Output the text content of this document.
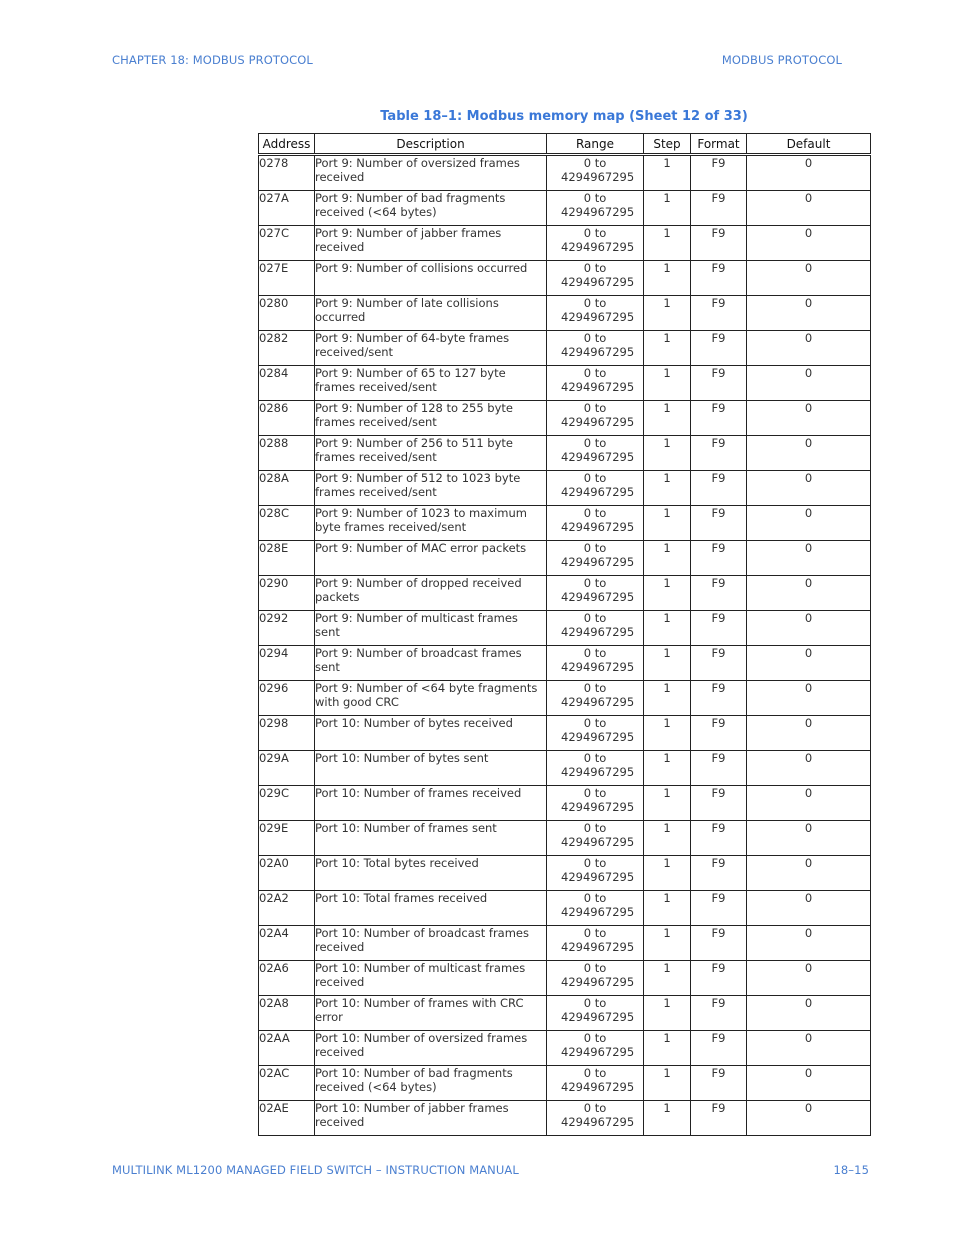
CHAPTER 18: MODBUS PROTOCOL	MODBUS PROTOCOL
Table 18–1: Modbus memory map (Sheet 12 of 33)
Address	Description	Range	Step	Format	Default
0278	Port 9: Number of oversized frames received	0 to 4294967295	1	F9	0
027A	Port 9: Number of bad fragments received (<64 bytes)	0 to 4294967295	1	F9	0
027C	Port 9: Number of jabber frames received	0 to 4294967295	1	F9	0
027E	Port 9: Number of collisions occurred	0 to 4294967295	1	F9	0
0280	Port 9: Number of late collisions occurred	0 to 4294967295	1	F9	0
0282	Port 9: Number of 64-byte frames received/sent	0 to 4294967295	1	F9	0
0284	Port 9: Number of 65 to 127 byte frames received/sent	0 to 4294967295	1	F9	0
0286	Port 9: Number of 128 to 255 byte frames received/sent	0 to 4294967295	1	F9	0
0288	Port 9: Number of 256 to 511 byte frames received/sent	0 to 4294967295	1	F9	0
028A	Port 9: Number of 512 to 1023 byte frames received/sent	0 to 4294967295	1	F9	0
028C	Port 9: Number of 1023 to maximum byte frames received/sent	0 to 4294967295	1	F9	0
028E	Port 9: Number of MAC error packets	0 to 4294967295	1	F9	0
0290	Port 9: Number of dropped received packets	0 to 4294967295	1	F9	0
0292	Port 9: Number of multicast frames sent	0 to 4294967295	1	F9	0
0294	Port 9: Number of broadcast frames sent	0 to 4294967295	1	F9	0
0296	Port 9: Number of <64 byte fragments with good CRC	0 to 4294967295	1	F9	0
0298	Port 10: Number of bytes received	0 to 4294967295	1	F9	0
029A	Port 10: Number of bytes sent	0 to 4294967295	1	F9	0
029C	Port 10: Number of frames received	0 to 4294967295	1	F9	0
029E	Port 10: Number of frames sent	0 to 4294967295	1	F9	0
02A0	Port 10: Total bytes received	0 to 4294967295	1	F9	0
02A2	Port 10: Total frames received	0 to 4294967295	1	F9	0
02A4	Port 10: Number of broadcast frames received	0 to 4294967295	1	F9	0
02A6	Port 10: Number of multicast frames received	0 to 4294967295	1	F9	0
02A8	Port 10: Number of frames with CRC error	0 to 4294967295	1	F9	0
02AA	Port 10: Number of oversized frames received	0 to 4294967295	1	F9	0
02AC	Port 10: Number of bad fragments received (<64 bytes)	0 to 4294967295	1	F9	0
02AE	Port 10: Number of jabber frames received	0 to 4294967295	1	F9	0
MULTILINK ML1200 MANAGED FIELD SWITCH – INSTRUCTION MANUAL	18–15
